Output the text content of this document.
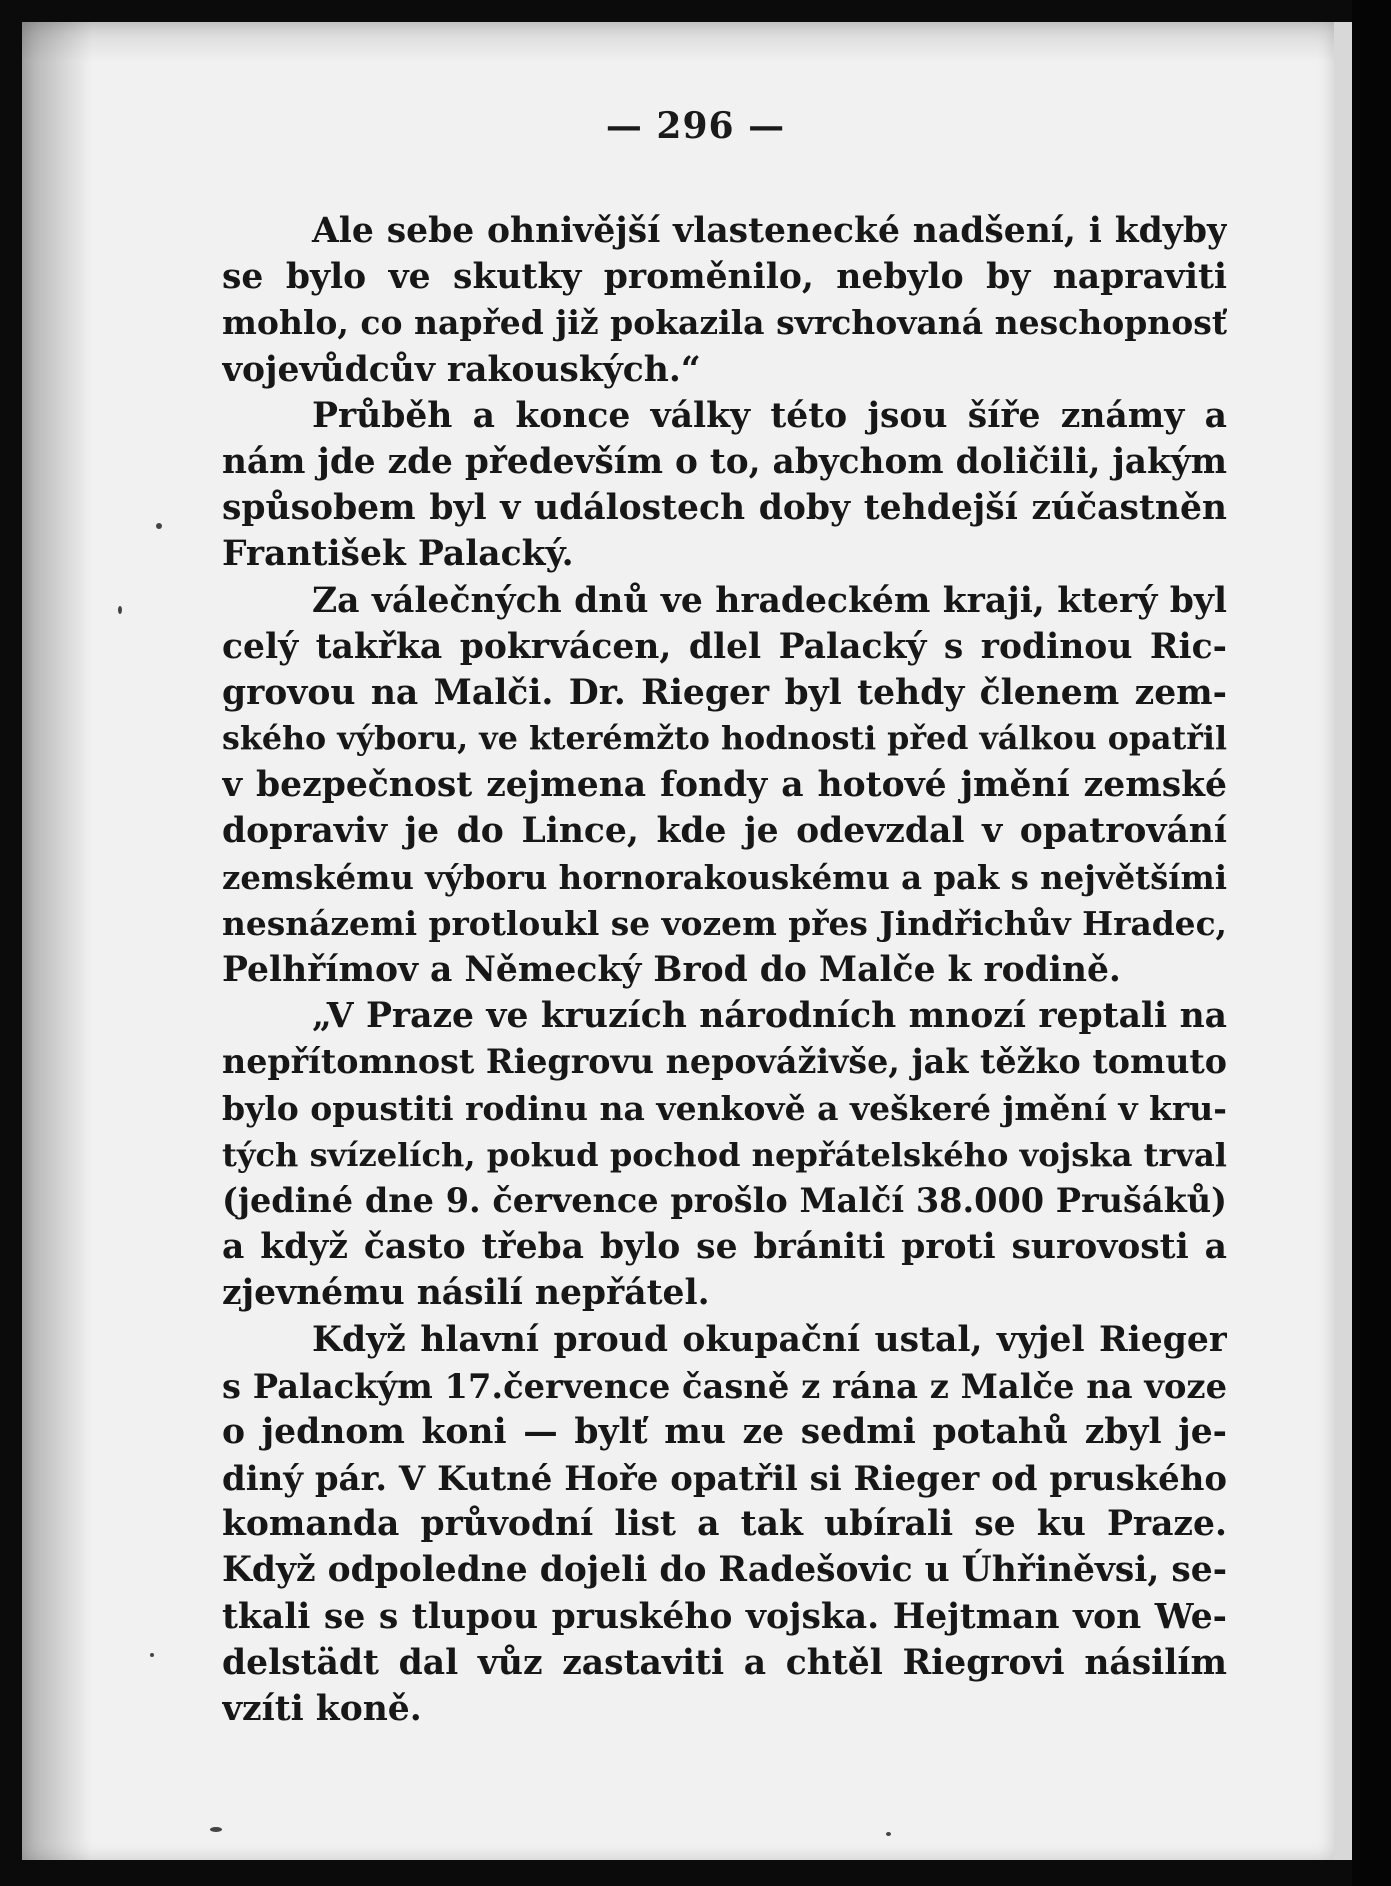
— 296 —
Ale sebe ohnivější vlastenecké nadšení, i kdyby
se bylo ve skutky proměnilo, nebylo by napraviti
mohlo, co napřed již pokazila svrchovaná neschopnosť
vojevůdcův rakouských.“
Průběh a konce války této jsou šíře známy a
nám jde zde především o to, abychom doličili, jakým
spůsobem byl v událostech doby tehdejší zúčastněn
František Palacký.
Za válečných dnů ve hradeckém kraji, který byl
celý takřka pokrvácen, dlel Palacký s rodinou Ric-
grovou na Malči. Dr. Rieger byl tehdy členem zem-
ského výboru, ve kterémžto hodnosti před válkou opatřil
v bezpečnost zejmena fondy a hotové jmění zemské
dopraviv je do Lince, kde je odevzdal v opatrování
zemskému výboru hornorakouskému a pak s největšími
nesnázemi protloukl se vozem přes Jindřichův Hradec,
Pelhřímov a Německý Brod do Malče k rodině.
„V Praze ve kruzích národních mnozí reptali na
nepřítomnost Riegrovu nepováživše, jak těžko tomuto
bylo opustiti rodinu na venkově a veškeré jmění v kru-
tých svízelích, pokud pochod nepřátelského vojska trval
(jediné dne 9. července prošlo Malčí 38.000 Prušáků)
a když často třeba bylo se brániti proti surovosti a
zjevnému násilí nepřátel.
Když hlavní proud okupační ustal, vyjel Rieger
s Palackým 17.července časně z rána z Malče na voze
o jednom koni — bylť mu ze sedmi potahů zbyl je-
diný pár. V Kutné Hoře opatřil si Rieger od pruského
komanda průvodní list a tak ubírali se ku Praze.
Když odpoledne dojeli do Radešovic u Úhřiněvsi, se-
tkali se s tlupou pruského vojska. Hejtman von We-
delstädt dal vůz zastaviti a chtěl Riegrovi násilím
vzíti koně.
